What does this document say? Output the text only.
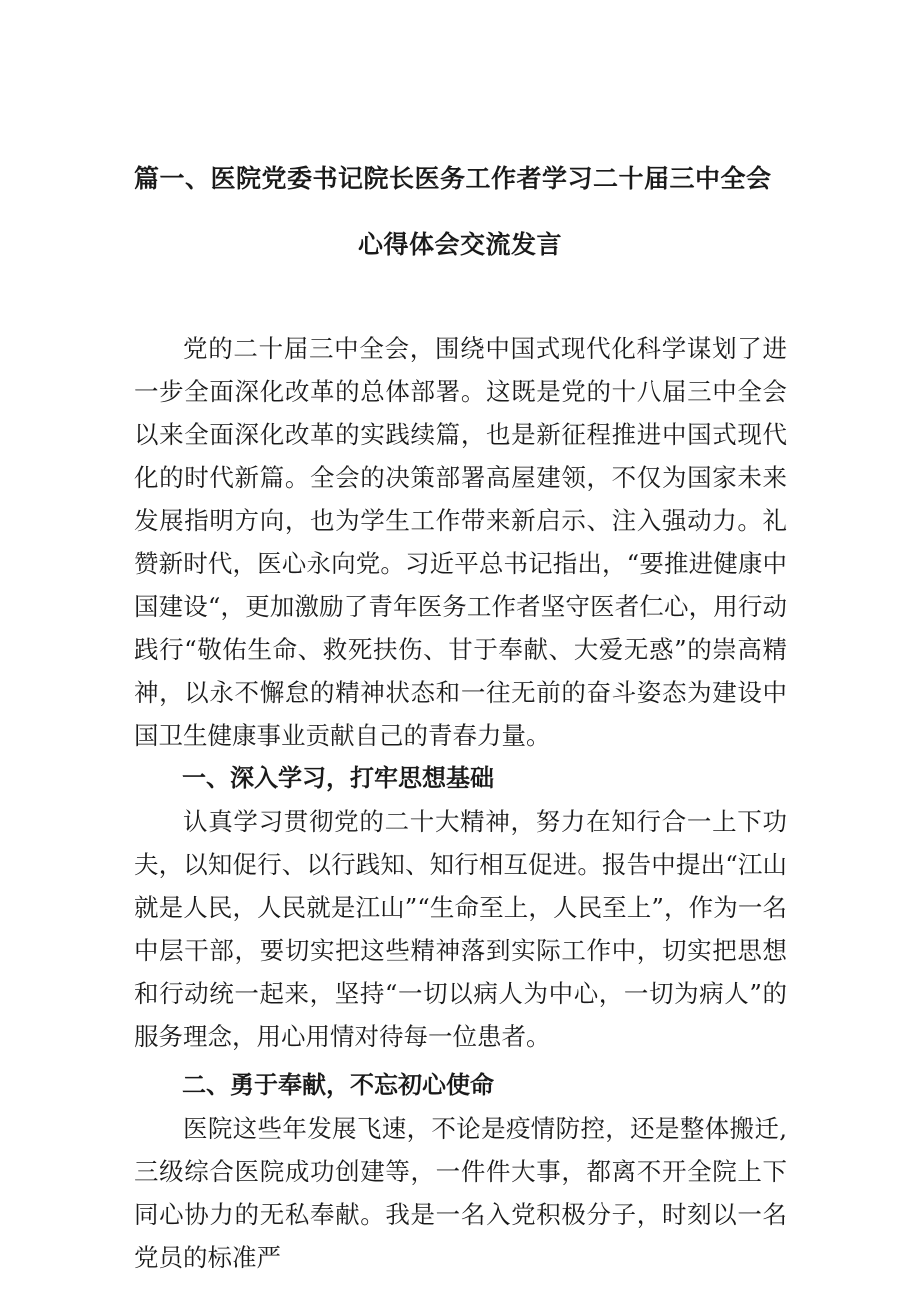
篇一、医院党委书记院长医务工作者学习二十届三中全会
心得体会交流发言

党的二十届三中全会，围绕中国式现代化科学谋划了进一步全面深化改革的总体部署。这既是党的十八届三中全会以来全面深化改革的实践续篇，也是新征程推进中国式现代化的时代新篇。全会的决策部署高屋建领，不仅为国家未来发展指明方向，也为学生工作带来新启示、注入强动力。礼赞新时代，医心永向党。习近平总书记指出，“要推进健康中国建设“，更加激励了青年医务工作者坚守医者仁心，用行动践行“敬佑生命、救死扶伤、甘于奉献、大爱无惑”的崇高精神，以永不懈怠的精神状态和一往无前的奋斗姿态为建设中国卫生健康事业贡献自己的青春力量。

一、深入学习，打牢思想基础

认真学习贯彻党的二十大精神，努力在知行合一上下功夫，以知促行、以行践知、知行相互促进。报告中提出“江山就是人民，人民就是江山”“生命至上，人民至上”，作为一名中层干部，要切实把这些精神落到实际工作中，切实把思想和行动统一起来，坚持“一切以病人为中心，一切为病人”的服务理念，用心用情对待每一位患者。

二、勇于奉献，不忘初心使命

医院这些年发展飞速，不论是疫情防控，还是整体搬迁,三级综合医院成功创建等，一件件大事，都离不开全院上下同心协力的无私奉献。我是一名入党积极分子，时刻以一名党员的标准严
